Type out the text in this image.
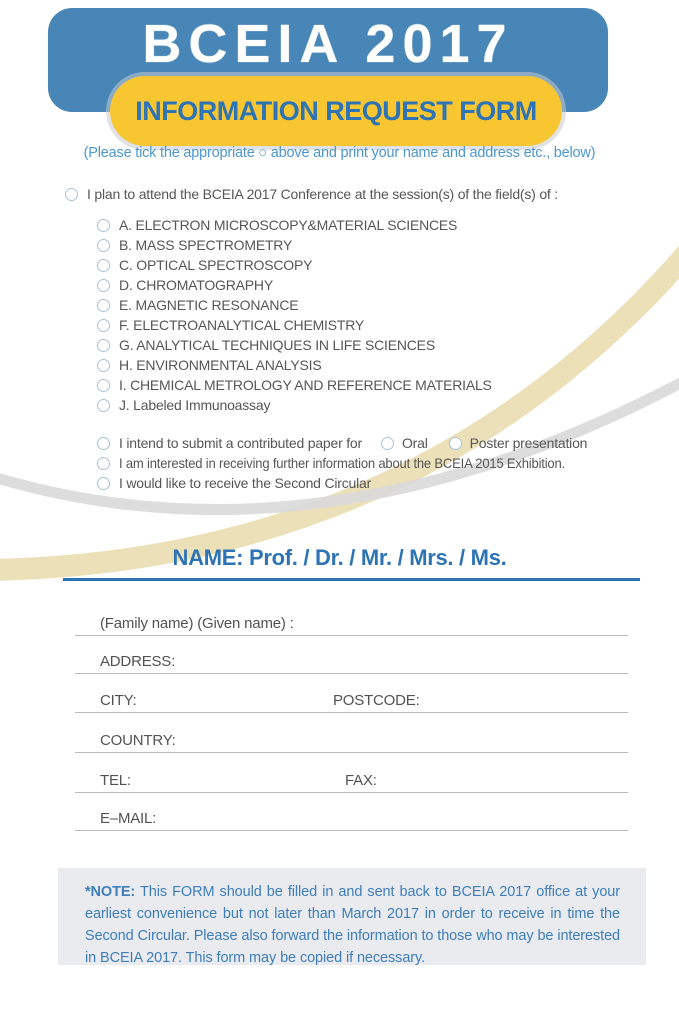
BCEIA 2017
INFORMATION REQUEST FORM
(Please tick the appropriate ○ above and print your name and address etc., below)
I plan to attend the BCEIA 2017 Conference at the session(s) of the field(s) of :
A. ELECTRON MICROSCOPY&MATERIAL SCIENCES
B. MASS SPECTROMETRY
C. OPTICAL SPECTROSCOPY
D. CHROMATOGRAPHY
E. MAGNETIC RESONANCE
F. ELECTROANALYTICAL CHEMISTRY
G. ANALYTICAL TECHNIQUES IN LIFE SCIENCES
H. ENVIRONMENTAL ANALYSIS
I. CHEMICAL METROLOGY AND REFERENCE MATERIALS
J. Labeled Immunoassay
I intend to submit a contributed paper for	Oral	Poster presentation
I am interested in receiving further information about the BCEIA 2015 Exhibition.
I would like to receive the Second Circular
NAME: Prof. / Dr. / Mr. / Mrs. / Ms.
(Family name) (Given name) :
ADDRESS:
CITY:	POSTCODE:
COUNTRY:
TEL:	FAX:
E–MAIL:
*NOTE: This FORM should be filled in and sent back to BCEIA 2017 office at your earliest convenience but not later than March 2017 in order to receive in time the Second Circular. Please also forward the information to those who may be interested in BCEIA 2017. This form may be copied if necessary.
